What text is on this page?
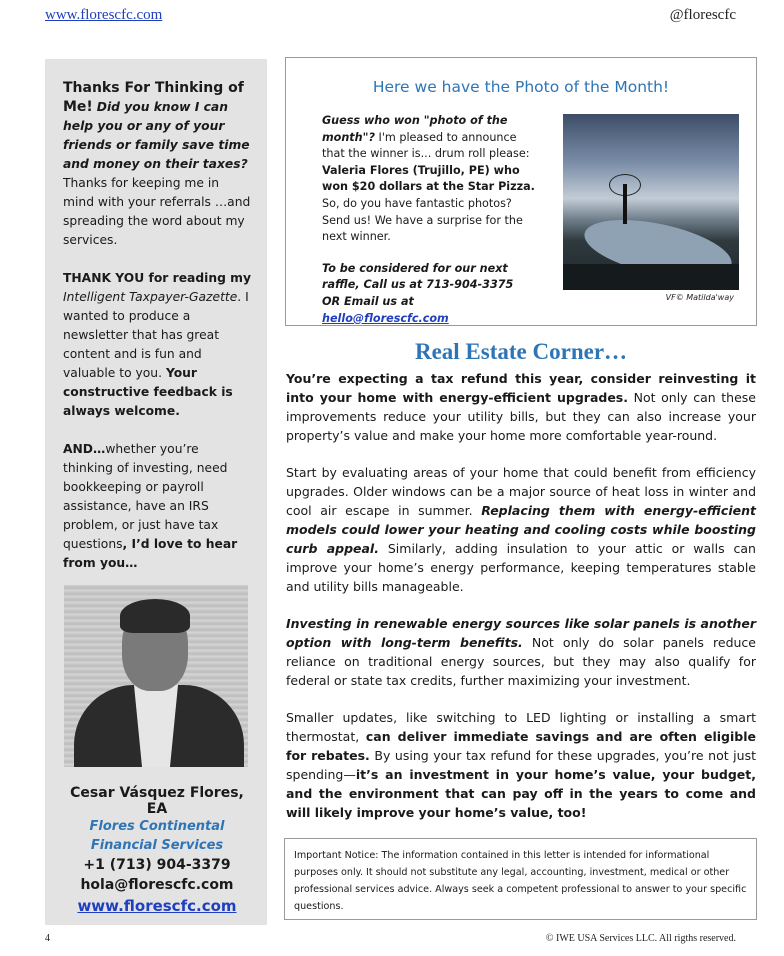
www.florescfc.com	@florescfc
Thanks For Thinking of Me! Did you know I can help you or any of your friends or family save time and money on their taxes? Thanks for keeping me in mind with your referrals …and spreading the word about my services.
THANK YOU for reading my Intelligent Taxpayer-Gazette. I wanted to produce a newsletter that has great content and is fun and valuable to you. Your constructive feedback is always welcome.
AND…whether you’re thinking of investing, need bookkeeping or payroll assistance, have an IRS problem, or just have tax questions, I’d love to hear from you…
Cesar Vásquez Flores, EA
Flores Continental Financial Services
+1 (713) 904-3379
hola@florescfc.com
www.florescfc.com
Here we have the Photo of the Month!
Guess who won "photo of the month"? I'm pleased to announce that the winner is... drum roll please: Valeria Flores (Trujillo, PE) who won $20 dollars at the Star Pizza. So, do you have fantastic photos? Send us! We have a surprise for the next winner.
To be considered for our next raffle, Call us at 713-904-3375
OR Email us at hello@florescfc.com
VF© Matilda'way
Real Estate Corner…

You’re expecting a tax refund this year, consider reinvesting it into your home with energy-efficient upgrades. Not only can these improvements reduce your utility bills, but they can also increase your property’s value and make your home more comfortable year-round.

Start by evaluating areas of your home that could benefit from efficiency upgrades. Older windows can be a major source of heat loss in winter and cool air escape in summer. Replacing them with energy-efficient models could lower your heating and cooling costs while boosting curb appeal. Similarly, adding insulation to your attic or walls can improve your home’s energy performance, keeping temperatures stable and utility bills manageable.

Investing in renewable energy sources like solar panels is another option with long-term benefits. Not only do solar panels reduce reliance on traditional energy sources, but they may also qualify for federal or state tax credits, further maximizing your investment.

Smaller updates, like switching to LED lighting or installing a smart thermostat, can deliver immediate savings and are often eligible for rebates. By using your tax refund for these upgrades, you’re not just spending—it’s an investment in your home’s value, your budget, and the environment that can pay off in the years to come and will likely improve your home’s value, too!

Important Notice: The information contained in this letter is intended for informational purposes only. It should not substitute any legal, accounting, investment, medical or other professional services advice. Always seek a competent professional to answer to your specific questions.
4	© IWE USA Services LLC. All rigths reserved.
